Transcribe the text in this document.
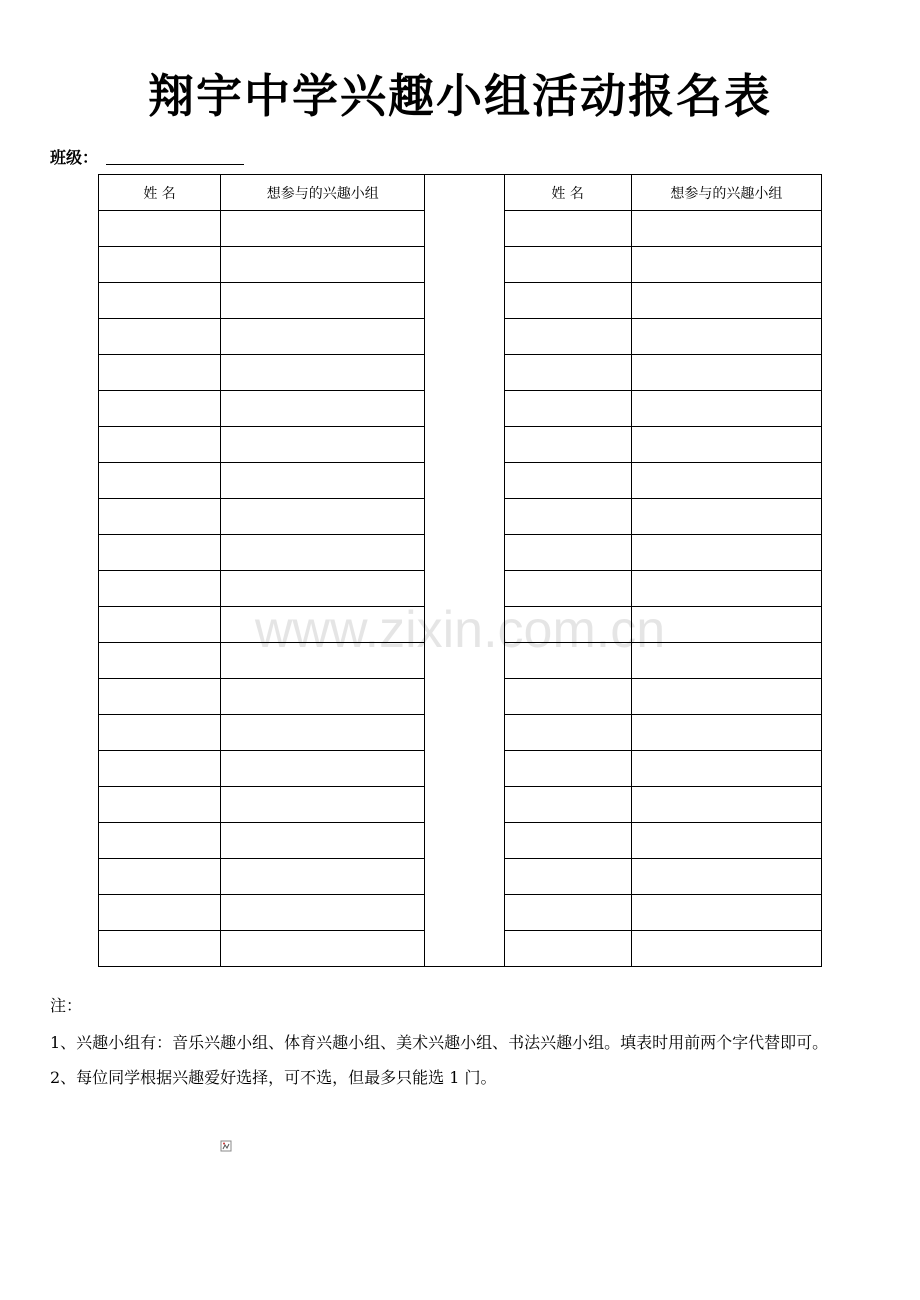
翔宇中学兴趣小组活动报名表
班级：
姓 名	想参与的兴趣小组		姓 名	想参与的兴趣小组

www.zixin.com.cn

注：

1、兴趣小组有：音乐兴趣小组、体育兴趣小组、美术兴趣小组、书法兴趣小组。填表时用前两个字代替即可。

2、每位同学根据兴趣爱好选择，可不选，但最多只能选 1 门。
